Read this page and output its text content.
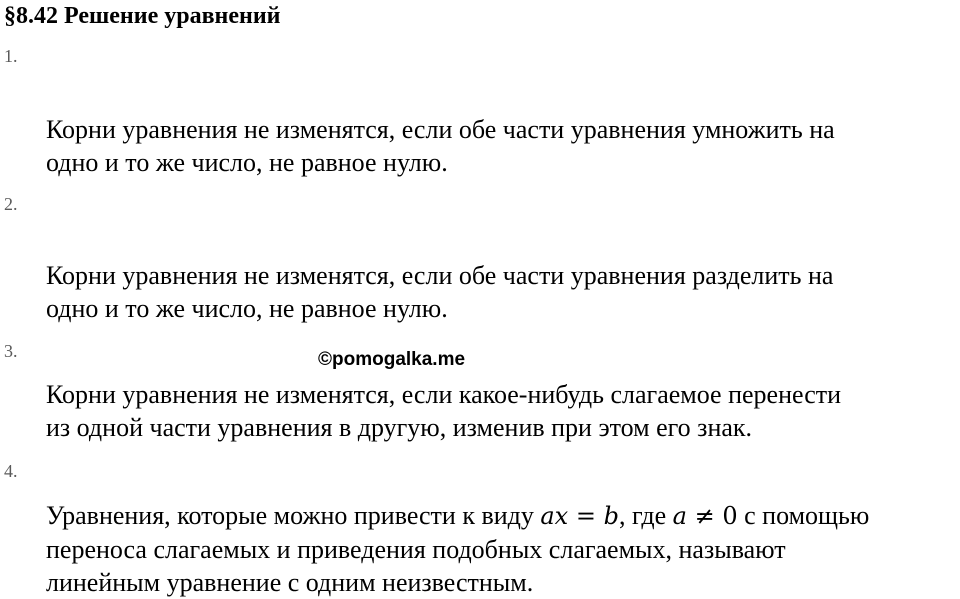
§8.42 Решение уравнений
1.
Корни уравнения не изменятся, если обе части уравнения умножить на
одно и то же число, не равное нулю.
2.
Корни уравнения не изменятся, если обе части уравнения разделить на
одно и то же число, не равное нулю.
3.	©pomogalka.me
Корни уравнения не изменятся, если какое-нибудь слагаемое перенести
из одной части уравнения в другую, изменив при этом его знак.
4.
Уравнения, которые можно привести к виду ax = b, где a ≠ 0 с помощью
переноса слагаемых и приведения подобных слагаемых, называют
линейным уравнение с одним неизвестным.
